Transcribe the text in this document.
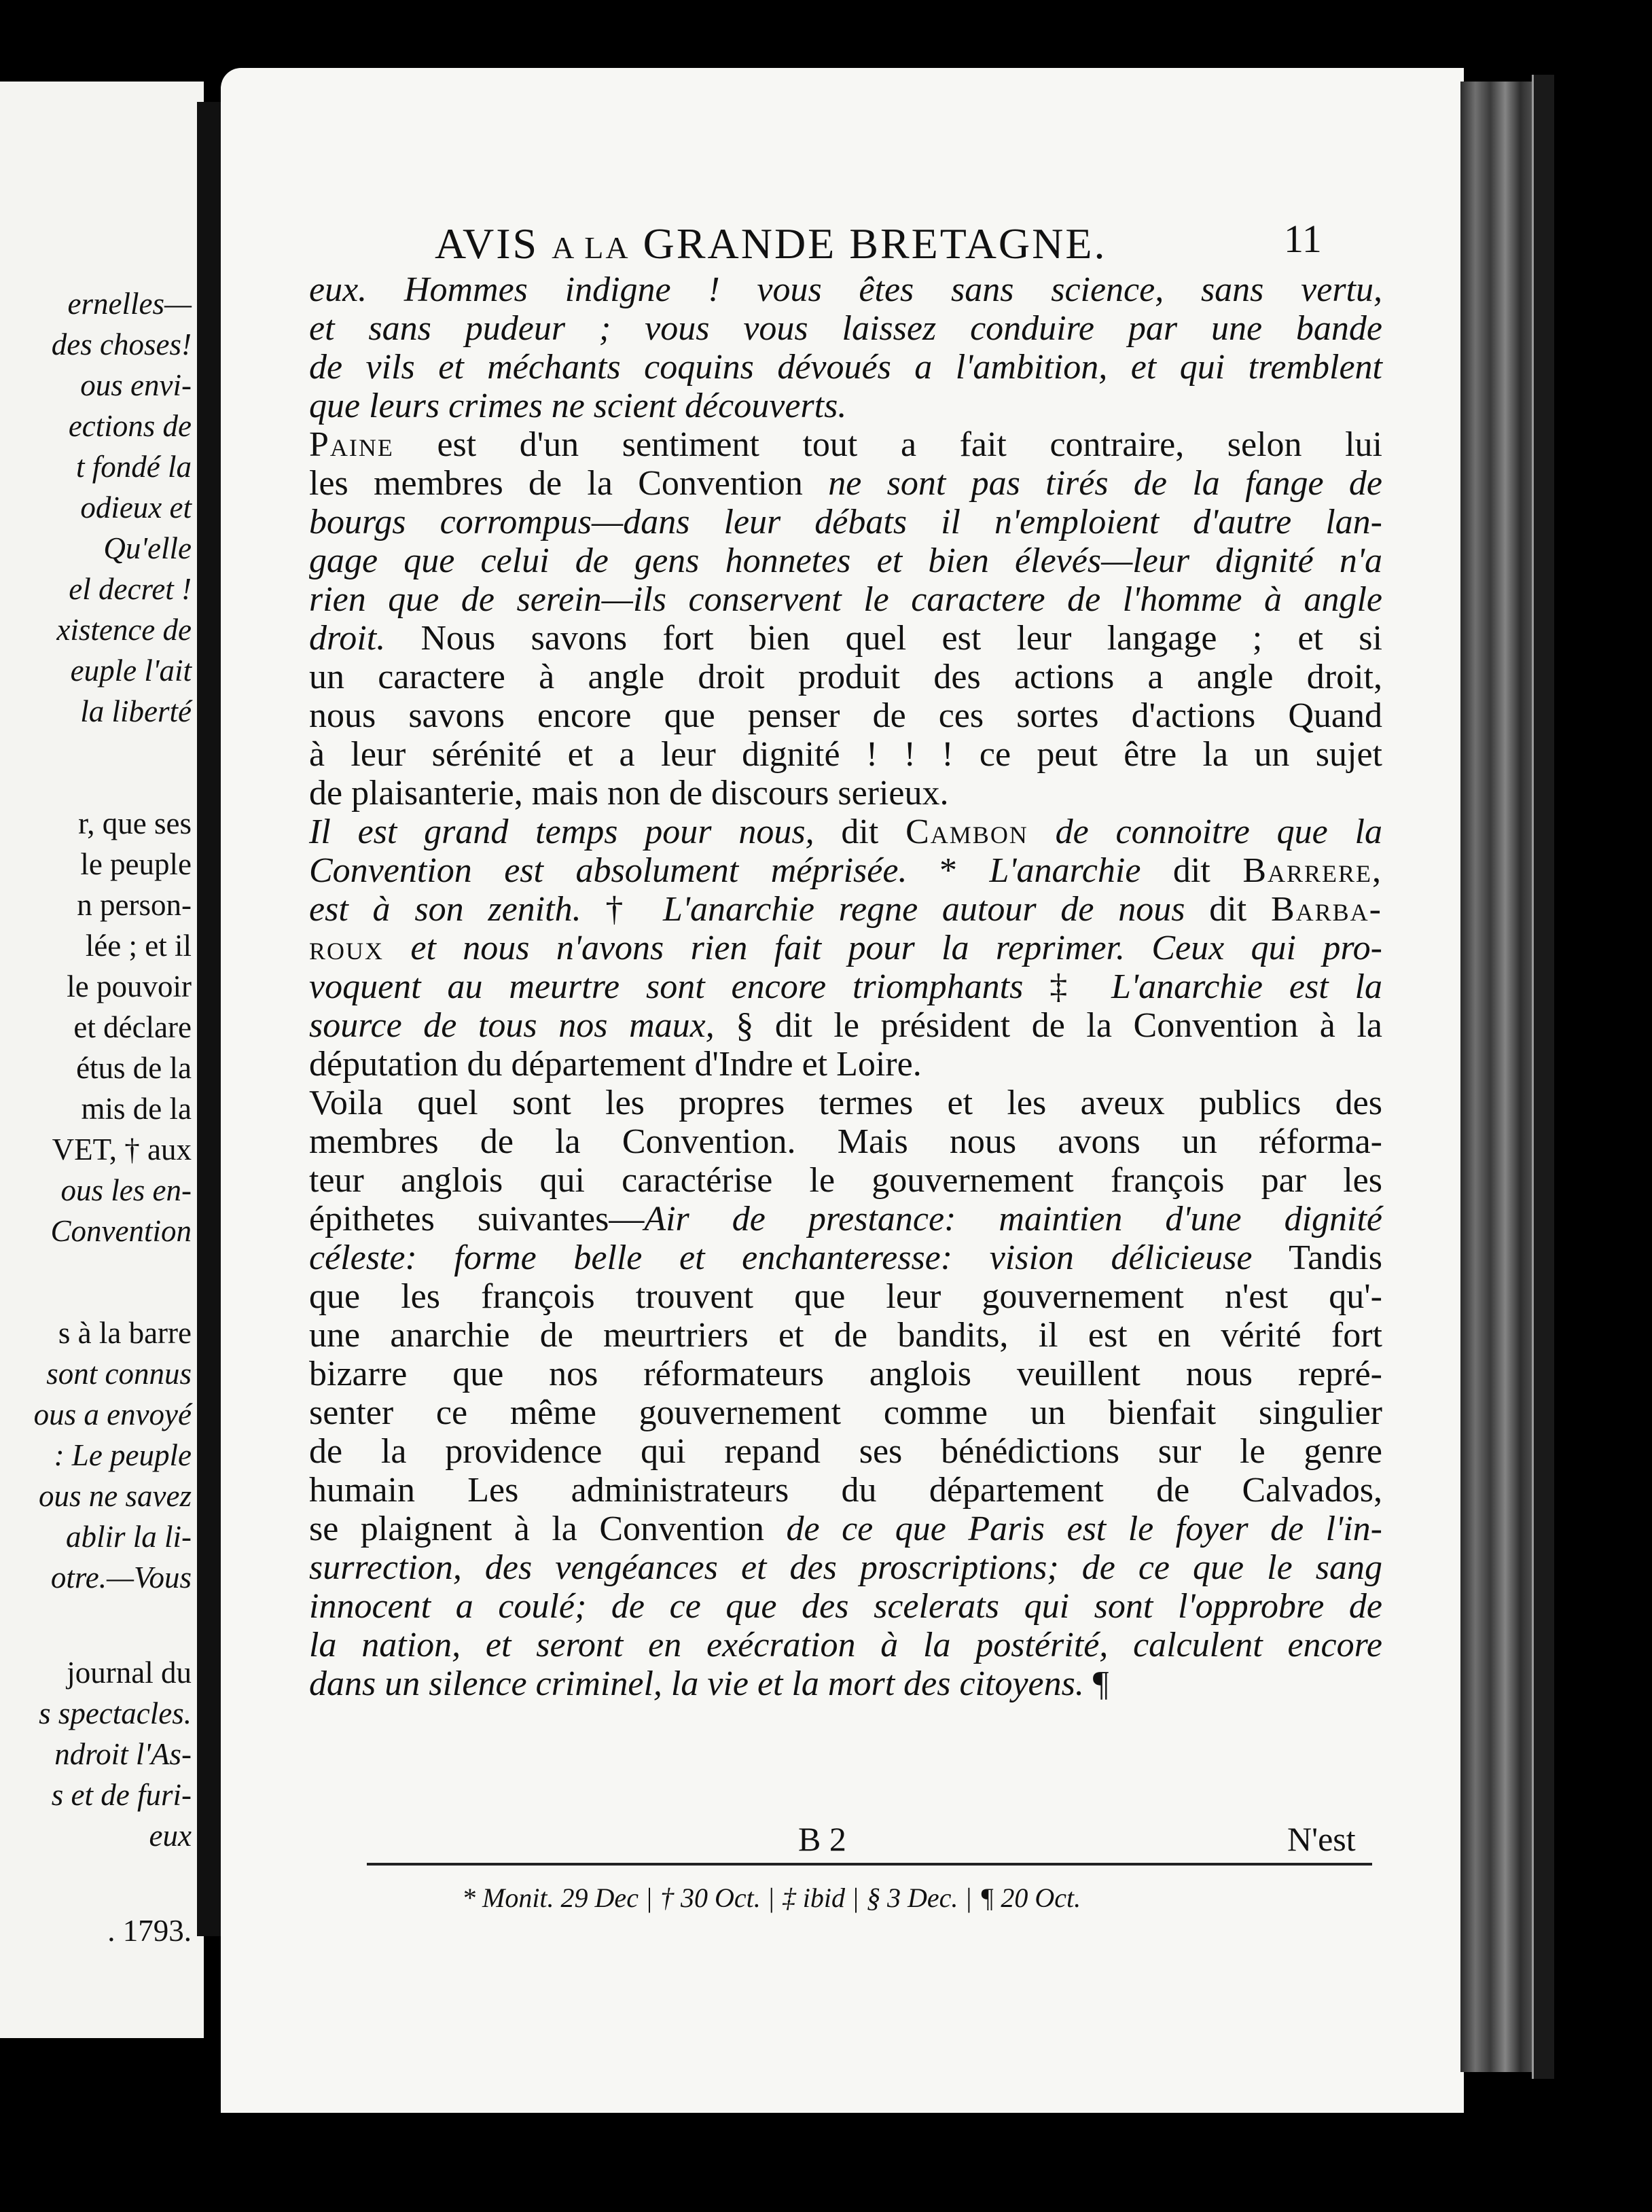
ernelles—
des choses!
ous envi-
ections de
t fondé la
odieux et
Qu'elle
el decret !
xistence de
euple l'ait
la liberté
r, que ses
le peuple
n person-
lée ; et il
le pouvoir
et déclare
étus de la
mis de la
VET, † aux
ous les en-
Convention
s à la barre
sont connus
ous a envoyé
: Le peuple
ous ne savez
ablir la li-
otre.—Vous
journal du
s spectacles.
ndroit l'As-
s et de furi-
eux
. 1793.
AVIS A LA GRANDE BRETAGNE.	11
eux. Hommes indigne ! vous êtes sans science, sans vertu,
et sans pudeur ; vous vous laissez conduire par une bande
de vils et méchants coquins dévoués a l'ambition, et qui tremblent
que leurs crimes ne scient découverts.
Paine est d'un sentiment tout a fait contraire, selon lui
les membres de la Convention ne sont pas tirés de la fange de
bourgs corrompus—dans leur débats il n'emploient d'autre lan-
gage que celui de gens honnetes et bien élevés—leur dignité n'a
rien que de serein—ils conservent le caractere de l'homme à angle
droit. Nous savons fort bien quel est leur langage ; et si
un caractere à angle droit produit des actions a angle droit,
nous savons encore que penser de ces sortes d'actions Quand
à leur sérénité et a leur dignité ! ! ! ce peut être la un sujet
de plaisanterie, mais non de discours serieux.
Il est grand temps pour nous, dit Cambon de connoitre que la
Convention est absolument méprisée. * L'anarchie dit Barrere,
est à son zenith. † L'anarchie regne autour de nous dit Barba-
roux et nous n'avons rien fait pour la reprimer. Ceux qui pro-
voquent au meurtre sont encore triomphants ‡ L'anarchie est la
source de tous nos maux, § dit le président de la Convention à la
députation du département d'Indre et Loire.
Voila quel sont les propres termes et les aveux publics des
membres de la Convention. Mais nous avons un réforma-
teur anglois qui caractérise le gouvernement françois par les
épithetes suivantes—Air de prestance: maintien d'une dignité
céleste: forme belle et enchanteresse: vision délicieuse Tandis
que les françois trouvent que leur gouvernement n'est qu'-
une anarchie de meurtriers et de bandits, il est en vérité fort
bizarre que nos réformateurs anglois veuillent nous repré-
senter ce même gouvernement comme un bienfait singulier
de la providence qui repand ses bénédictions sur le genre
humain Les administrateurs du département de Calvados,
se plaignent à la Convention de ce que Paris est le foyer de l'in-
surrection, des vengéances et des proscriptions; de ce que le sang
innocent a coulé; de ce que des scelerats qui sont l'opprobre de
la nation, et seront en exécration à la postérité, calculent encore
dans un silence criminel, la vie et la mort des citoyens. ¶
B 2	N'est
* Monit. 29 Dec | † 30 Oct. | ‡ ibid | § 3 Dec. | ¶ 20 Oct.
